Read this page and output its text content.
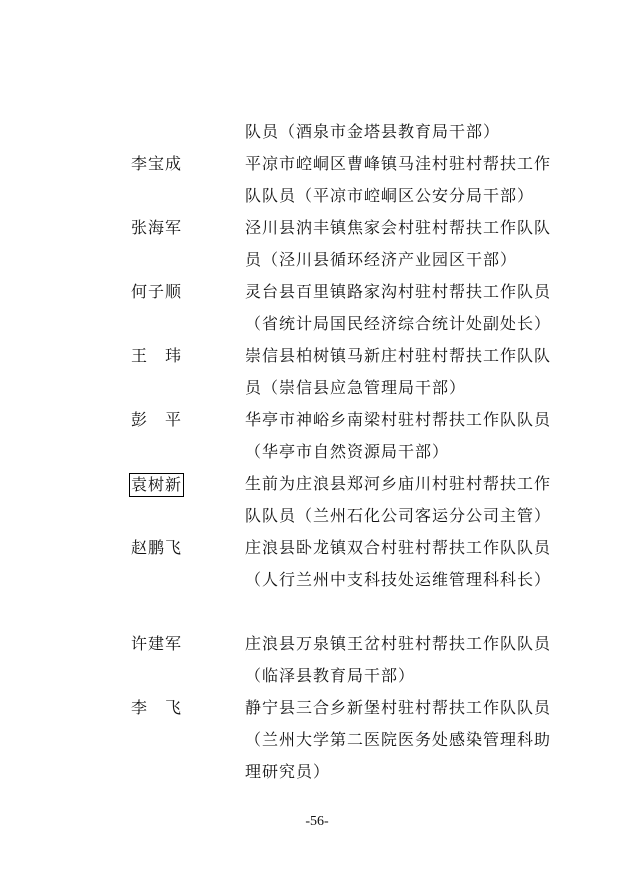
队员（酒泉市金塔县教育局干部）
李宝成	平凉市崆峒区曹峰镇马洼村驻村帮扶工作队队员（平凉市崆峒区公安分局干部）
张海军	泾川县汭丰镇焦家会村驻村帮扶工作队队员（泾川县循环经济产业园区干部）
何子顺	灵台县百里镇路家沟村驻村帮扶工作队员（省统计局国民经济综合统计处副处长）
王　玮	崇信县柏树镇马新庄村驻村帮扶工作队队员（崇信县应急管理局干部）
彭　平	华亭市神峪乡南梁村驻村帮扶工作队队员（华亭市自然资源局干部）
袁树新	生前为庄浪县郑河乡庙川村驻村帮扶工作队队员（兰州石化公司客运分公司主管）
赵鹏飞	庄浪县卧龙镇双合村驻村帮扶工作队队员（人行兰州中支科技处运维管理科科长）
许建军	庄浪县万泉镇王岔村驻村帮扶工作队队员（临泽县教育局干部）
李　飞	静宁县三合乡新堡村驻村帮扶工作队队员（兰州大学第二医院医务处感染管理科助理研究员）
-56-
